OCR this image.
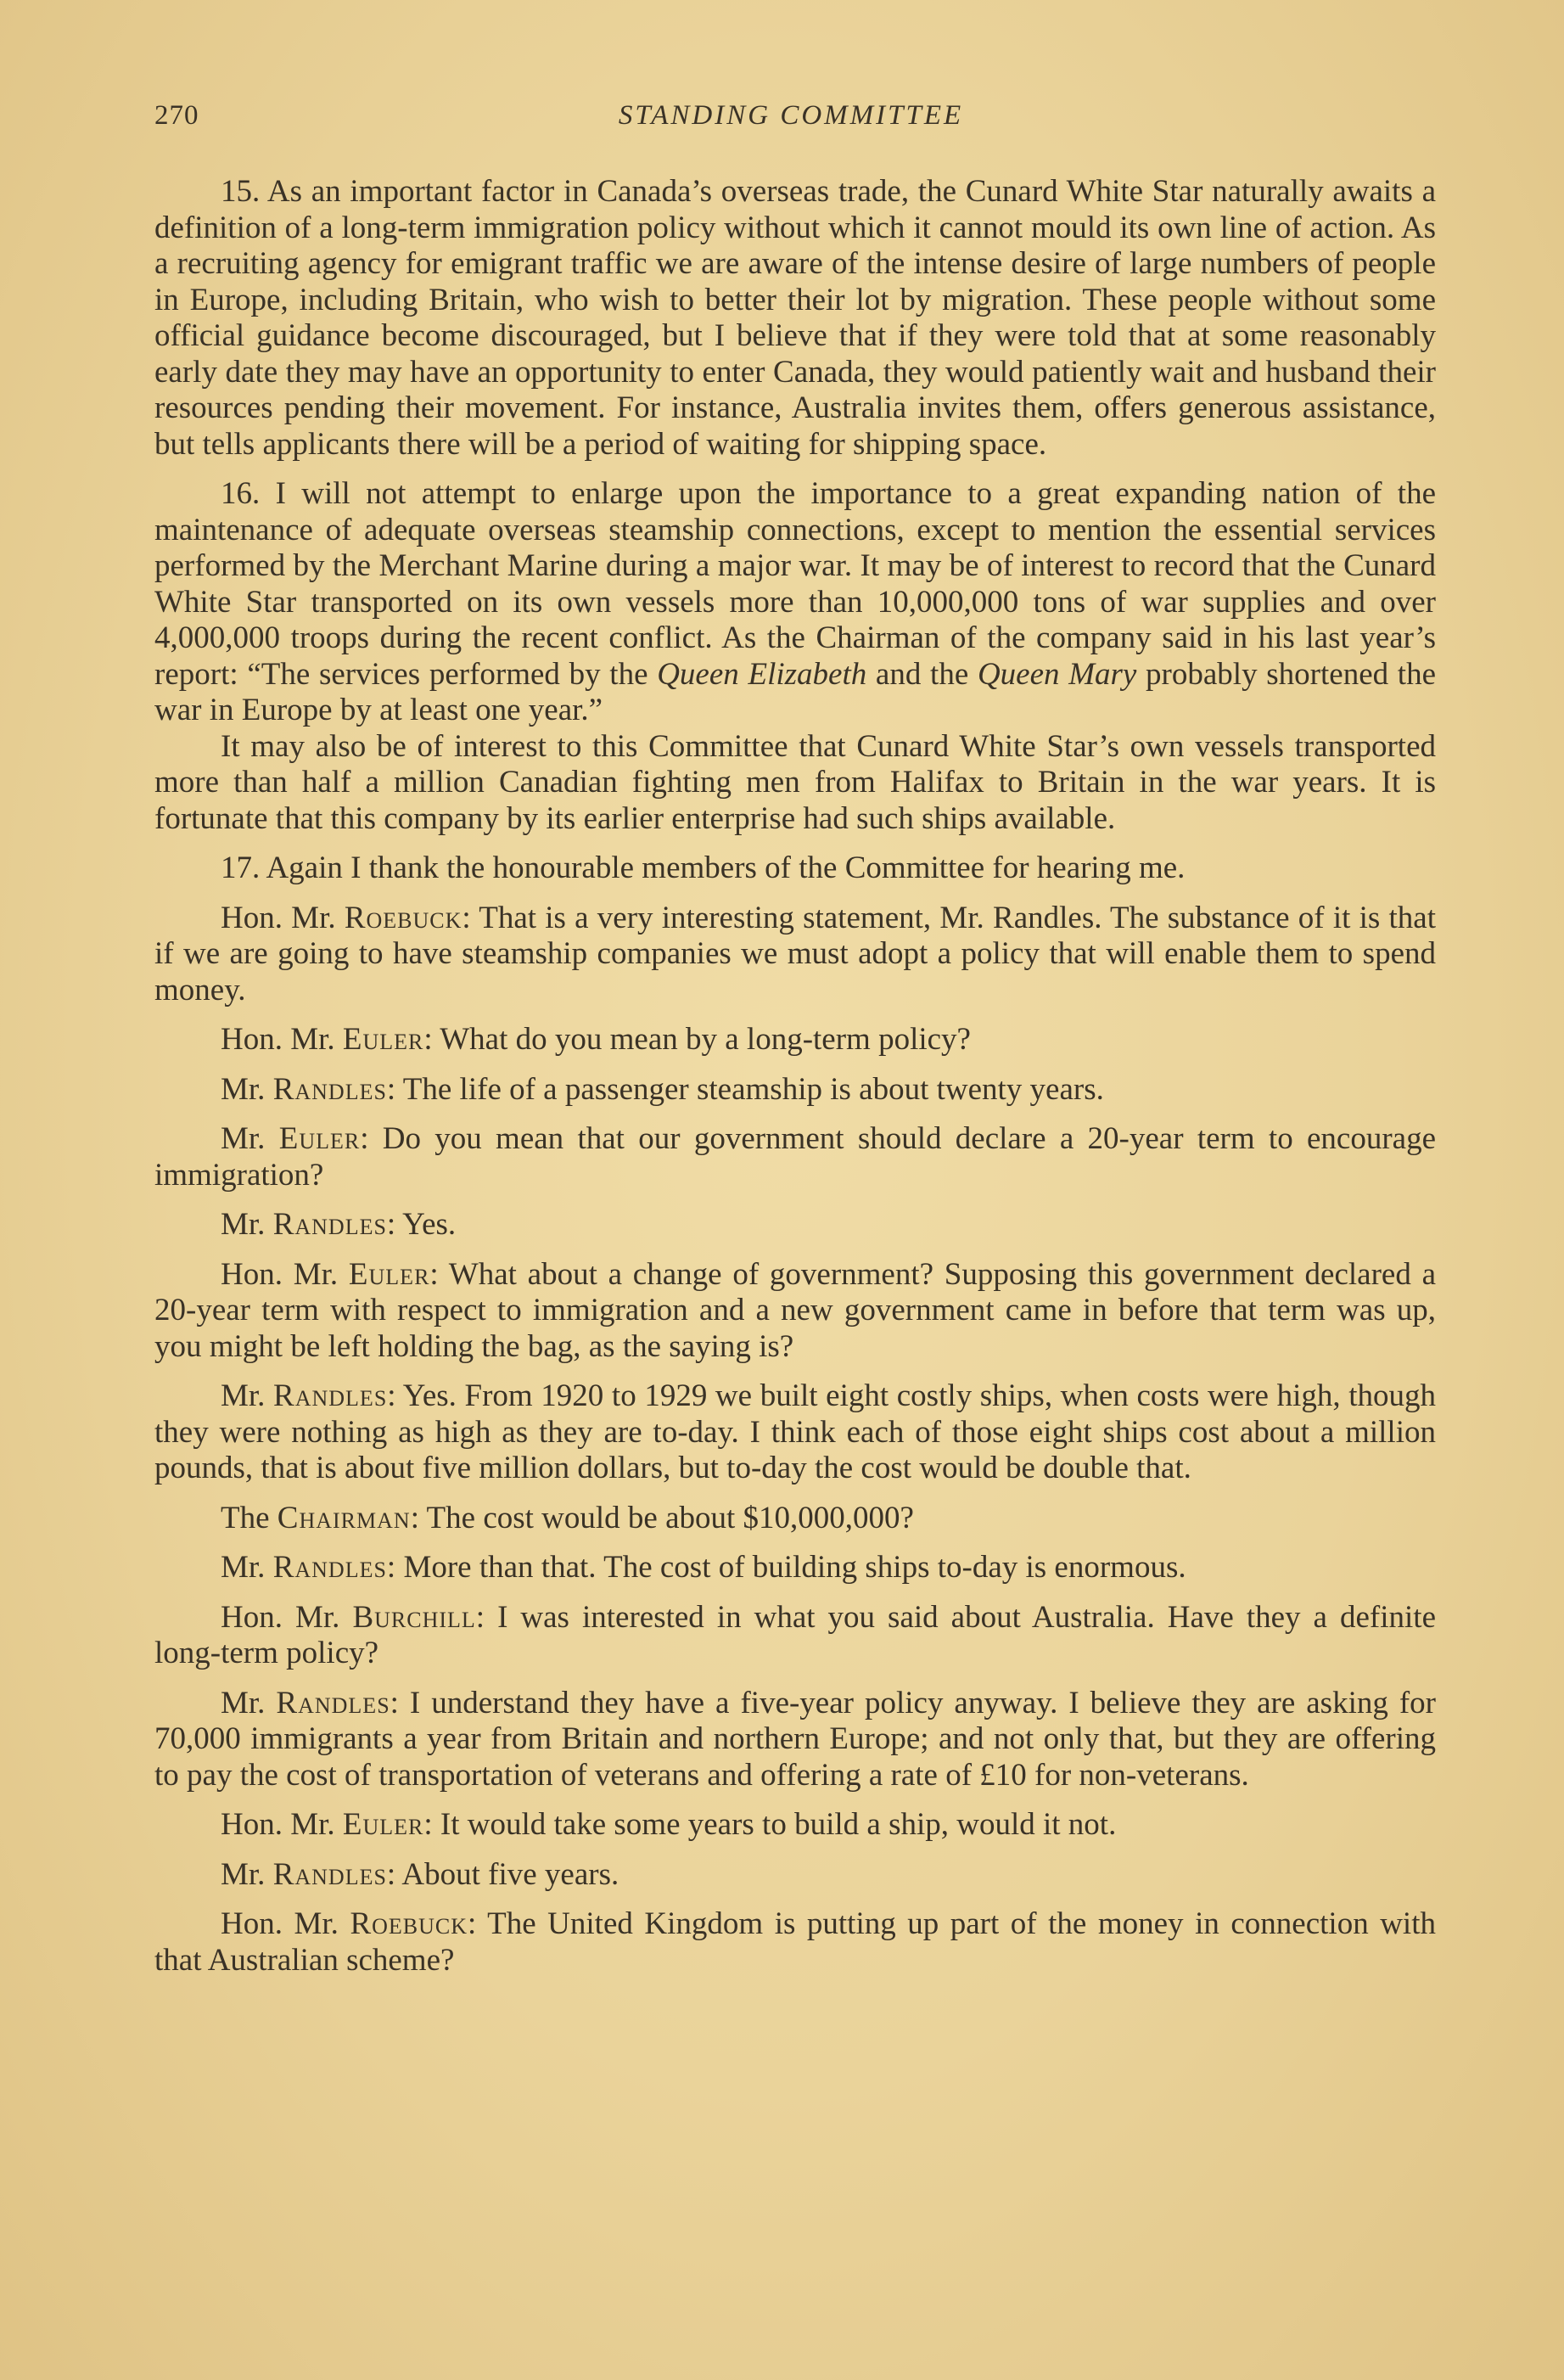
270	STANDING COMMITTEE

15. As an important factor in Canada’s overseas trade, the Cunard White Star naturally awaits a definition of a long-term immigration policy without which it cannot mould its own line of action. As a recruiting agency for emigrant traffic we are aware of the intense desire of large numbers of people in Europe, including Britain, who wish to better their lot by migration. These people without some official guidance become discouraged, but I believe that if they were told that at some reasonably early date they may have an opportunity to enter Canada, they would patiently wait and husband their resources pending their movement. For instance, Australia invites them, offers generous assistance, but tells applicants there will be a period of waiting for shipping space.

16. I will not attempt to enlarge upon the importance to a great expanding nation of the maintenance of adequate overseas steamship connections, except to mention the essential services performed by the Merchant Marine during a major war. It may be of interest to record that the Cunard White Star transported on its own vessels more than 10,000,000 tons of war supplies and over 4,000,000 troops during the recent conflict. As the Chairman of the company said in his last year’s report: “The services performed by the Queen Elizabeth and the Queen Mary probably shortened the war in Europe by at least one year.”

It may also be of interest to this Committee that Cunard White Star’s own vessels transported more than half a million Canadian fighting men from Halifax to Britain in the war years. It is fortunate that this company by its earlier enterprise had such ships available.

17. Again I thank the honourable members of the Committee for hearing me.

Hon. Mr. Roebuck: That is a very interesting statement, Mr. Randles. The substance of it is that if we are going to have steamship companies we must adopt a policy that will enable them to spend money.

Hon. Mr. Euler: What do you mean by a long-term policy?

Mr. Randles: The life of a passenger steamship is about twenty years.

Mr. Euler: Do you mean that our government should declare a 20-year term to encourage immigration?

Mr. Randles: Yes.

Hon. Mr. Euler: What about a change of government? Supposing this government declared a 20-year term with respect to immigration and a new government came in before that term was up, you might be left holding the bag, as the saying is?

Mr. Randles: Yes. From 1920 to 1929 we built eight costly ships, when costs were high, though they were nothing as high as they are to-day. I think each of those eight ships cost about a million pounds, that is about five million dollars, but to-day the cost would be double that.

The Chairman: The cost would be about $10,000,000?

Mr. Randles: More than that. The cost of building ships to-day is enormous.

Hon. Mr. Burchill: I was interested in what you said about Australia. Have they a definite long-term policy?

Mr. Randles: I understand they have a five-year policy anyway. I believe they are asking for 70,000 immigrants a year from Britain and northern Europe; and not only that, but they are offering to pay the cost of transportation of veterans and offering a rate of £10 for non-veterans.

Hon. Mr. Euler: It would take some years to build a ship, would it not.

Mr. Randles: About five years.

Hon. Mr. Roebuck: The United Kingdom is putting up part of the money in connection with that Australian scheme?
